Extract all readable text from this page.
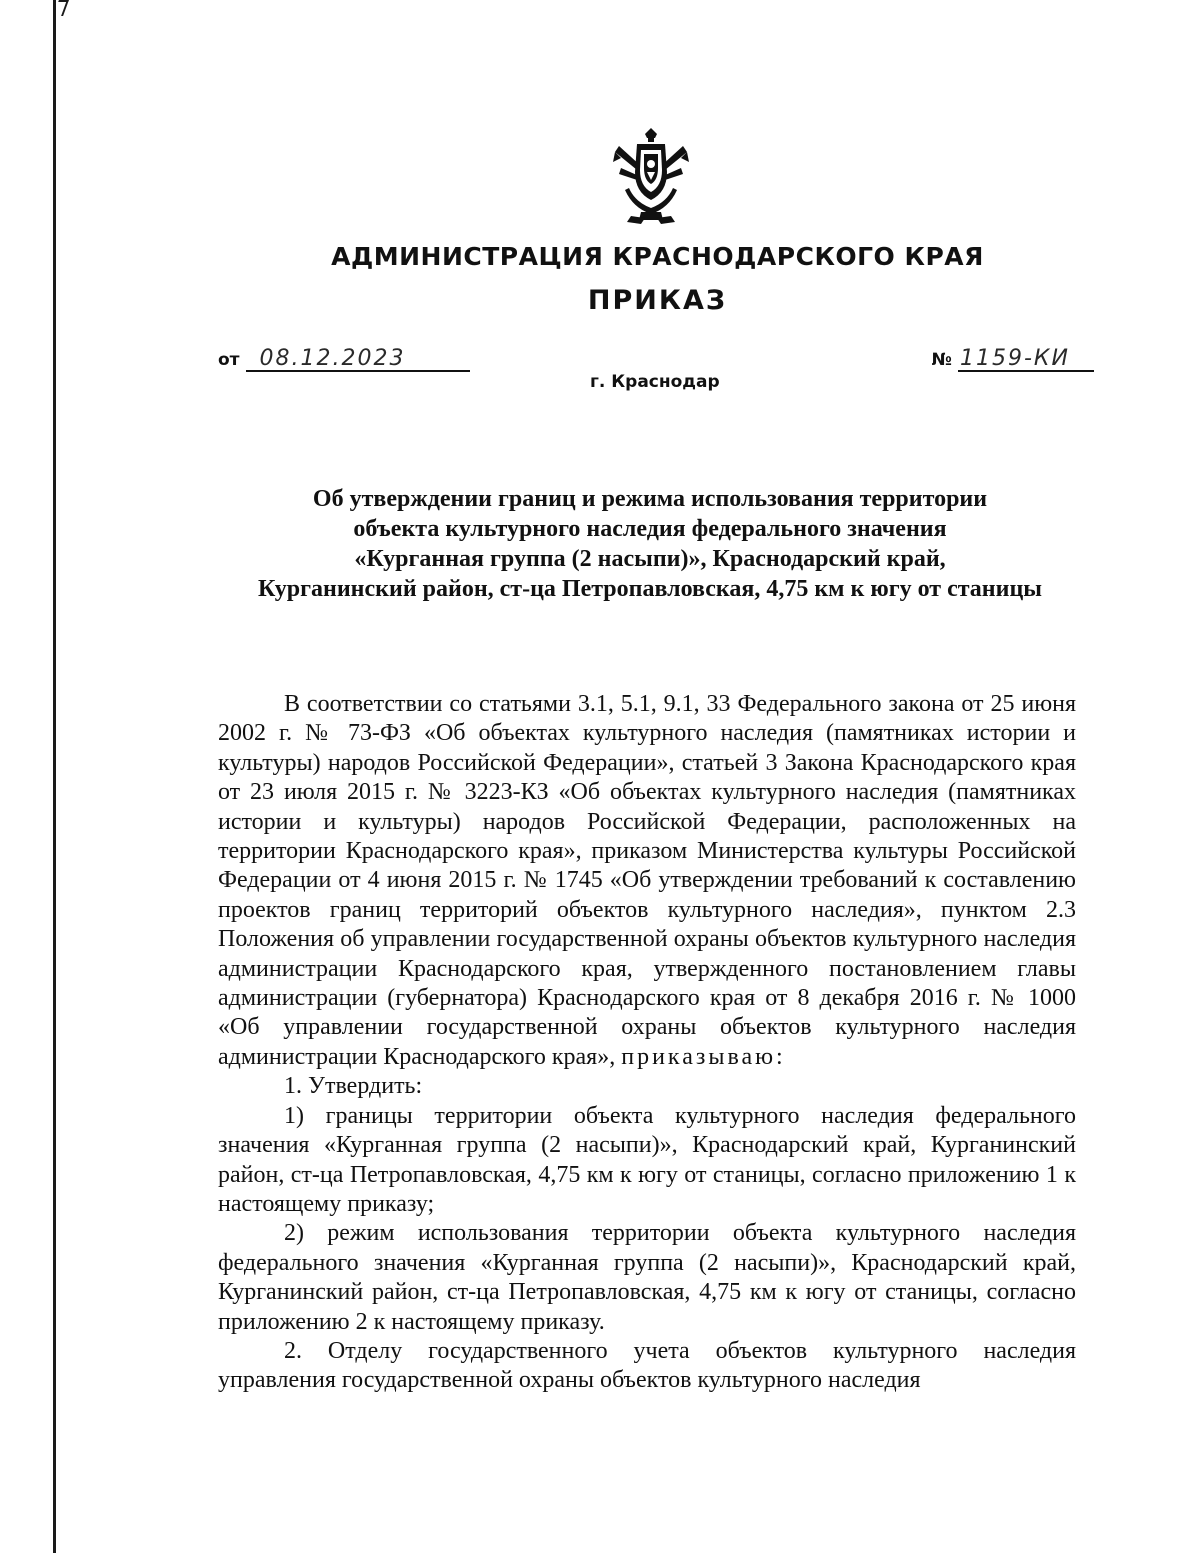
АДМИНИСТРАЦИЯ КРАСНОДАРСКОГО КРАЯ
ПРИКАЗ
от 08.12.2023
г. Краснодар
№ 1159-КИ
Об утверждении границ и режима использования территории
объекта культурного наследия федерального значения
«Курганная группа (2 насыпи)», Краснодарский край,
Курганинский район, ст-ца Петропавловская, 4,75 км к югу от станицы

В соответствии со статьями 3.1, 5.1, 9.1, 33 Федерального закона от 25 июня 2002 г. № 73-ФЗ «Об объектах культурного наследия (памятниках истории и культуры) народов Российской Федерации», статьей 3 Закона Краснодарского края от 23 июля 2015 г. № 3223-КЗ «Об объектах культурного наследия (памятниках истории и культуры) народов Российской Федерации, расположенных на территории Краснодарского края», приказом Министерства культуры Российской Федерации от 4 июня 2015 г. № 1745 «Об утверждении требований к составлению проектов границ территорий объектов культурного наследия», пунктом 2.3 Положения об управлении государственной охраны объектов культурного наследия администрации Краснодарского края, утвержденного постановлением главы администрации (губернатора) Краснодарского края от 8 декабря 2016 г. № 1000 «Об управлении государственной охраны объектов культурного наследия администрации Краснодарского края», приказываю:

1. Утвердить:

1) границы территории объекта культурного наследия федерального значения «Курганная группа (2 насыпи)», Краснодарский край, Курганинский район, ст-ца Петропавловская, 4,75 км к югу от станицы, согласно приложению 1 к настоящему приказу;

2) режим использования территории объекта культурного наследия федерального значения «Курганная группа (2 насыпи)», Краснодарский край, Курганинский район, ст-ца Петропавловская, 4,75 км к югу от станицы, согласно приложению 2 к настоящему приказу.

2. Отделу государственного учета объектов культурного наследия управления государственной охраны объектов культурного наследия
